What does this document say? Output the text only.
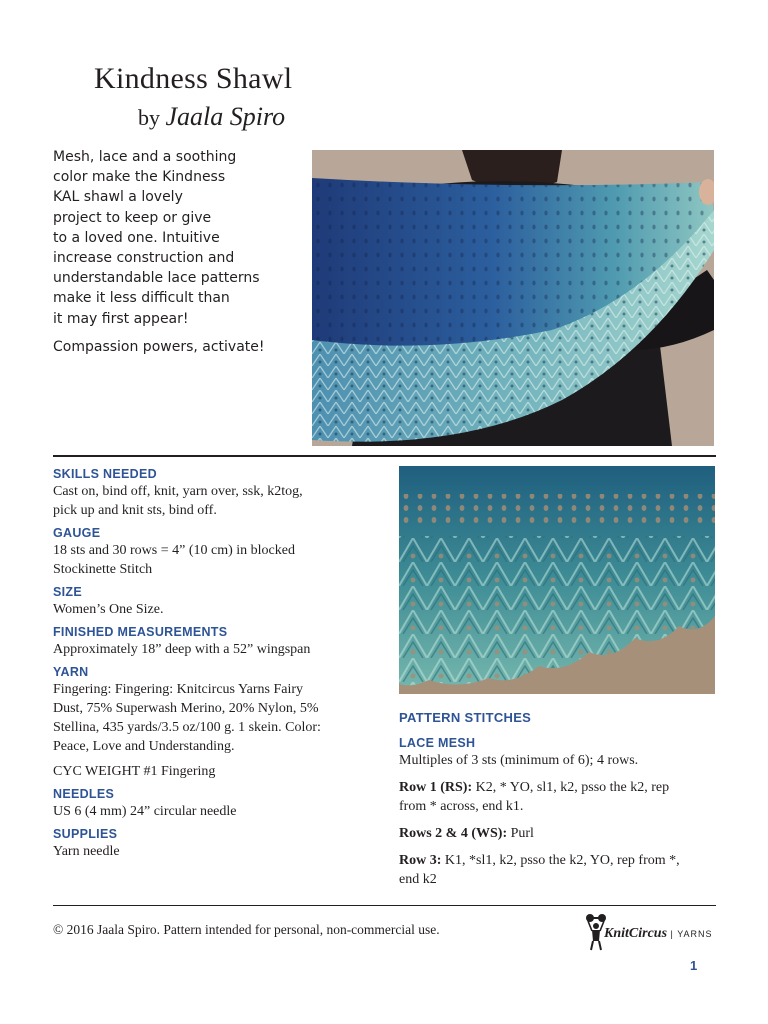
Kindness Shawl
by Jaala Spiro

Mesh, lace and a soothing
color make the Kindness
KAL shawl a lovely
project to keep or give
to a loved one. Intuitive
increase construction and
understandable lace patterns
make it less difficult than
it may first appear!

Compassion powers, activate!

SKILLS NEEDED

Cast on, bind off, knit, yarn over, ssk, k2tog,

pick up and knit sts, bind off.

GAUGE

18 sts and 30 rows = 4” (10 cm) in blocked

Stockinette Stitch

SIZE

Women’s One Size.

FINISHED MEASUREMENTS

Approximately 18” deep with a 52” wingspan

YARN

Fingering: Fingering: Knitcircus Yarns Fairy

Dust, 75% Superwash Merino, 20% Nylon, 5%

Stellina, 435 yards/3.5 oz/100 g. 1 skein. Color:

Peace, Love and Understanding.

CYC WEIGHT #1 Fingering

NEEDLES

US 6 (4 mm) 24” circular needle

SUPPLIES

Yarn needle

PATTERN STITCHES
LACE MESH

Multiples of 3 sts (minimum of 6); 4 rows.

Row 1 (RS): K2, * YO, sl1, k2, psso the k2, rep

from * across, end k1.

Rows 2 & 4 (WS): Purl

Row 3: K1, *sl1, k2, psso the k2, YO, rep from *,

end k2

© 2016 Jaala Spiro. Pattern intended for personal, non-commercial use.	KnitCircus | YARNS
1
